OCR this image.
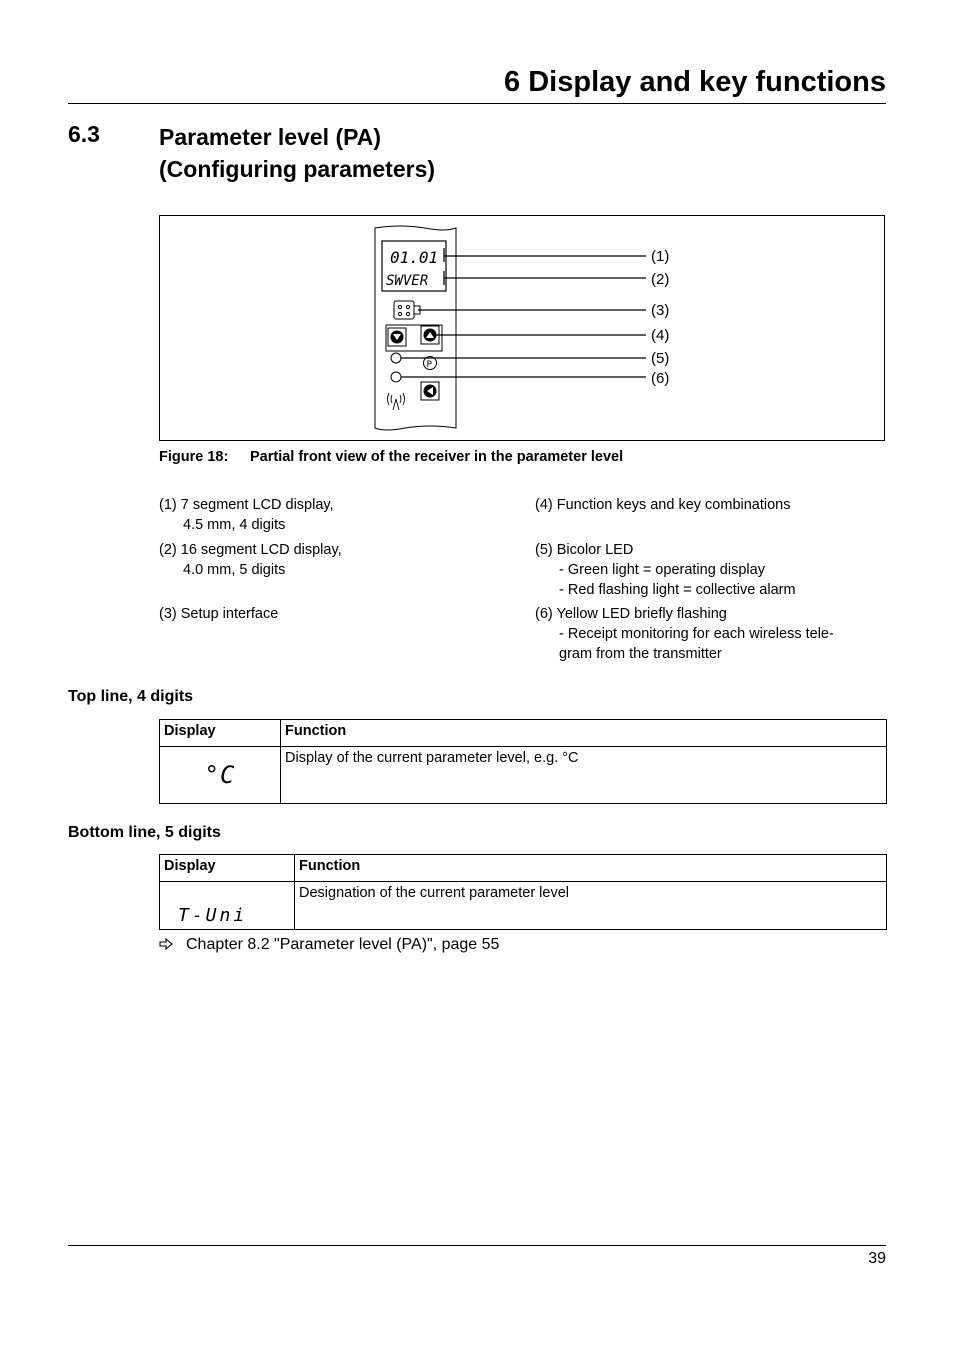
6 Display and key functions
6.3	Parameter level (PA)
(Configuring parameters)
01.01
SWVER
P
(1)
(2)
(3)
(4)
(5)
(6)
Figure 18: Partial front view of the receiver in the parameter level
(1) 7 segment LCD display,
4.5 mm, 4 digits
(2) 16 segment LCD display,
4.0 mm, 5 digits
(3) Setup interface
(4) Function keys and key combinations
(5) Bicolor LED
- Green light = operating display
- Red flashing light = collective alarm
(6) Yellow LED briefly flashing
- Receipt monitoring for each wireless tele-
gram from the transmitter
Top line, 4 digits
Display	Function
°C	Display of the current parameter level, e.g. °C
Bottom line, 5 digits
Display	Function
T-Uni	Designation of the current parameter level
Chapter 8.2 "Parameter level (PA)", page 55
39
